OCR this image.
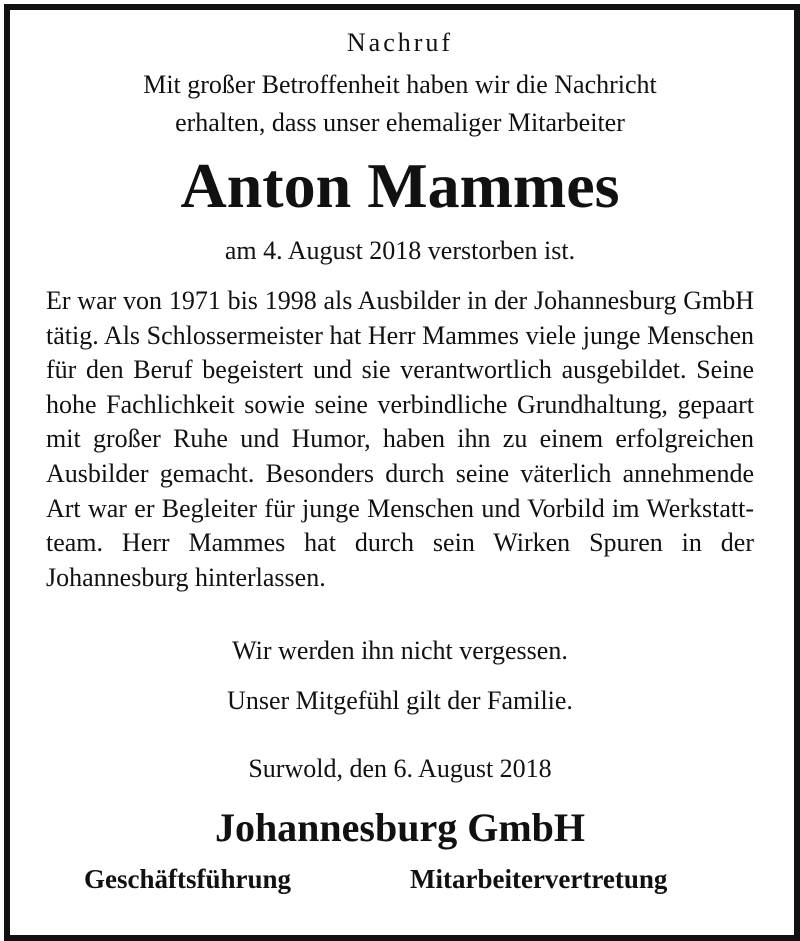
Nachruf
Mit großer Betroffenheit haben wir die Nachricht
erhalten, dass unser ehemaliger Mitarbeiter
Anton Mammes
am 4. August 2018 verstorben ist.
Er war von 1971 bis 1998 als Ausbilder in der Johannesburg GmbH tätig. Als Schlossermeister hat Herr Mammes viele junge Menschen für den Beruf begeistert und sie verantwortlich ausgebildet. Seine hohe Fachlichkeit sowie seine verbindliche Grundhaltung, gepaart mit großer Ruhe und Humor, haben ihn zu einem erfolgreichen Ausbilder gemacht. Besonders durch seine väterlich annehmende Art war er Begleiter für junge Menschen und Vorbild im Werkstattteam. Herr Mammes hat durch sein Wirken Spuren in der Johannesburg hinterlassen.
Wir werden ihn nicht vergessen.
Unser Mitgefühl gilt der Familie.
Surwold, den 6. August 2018
Johannesburg GmbH
Geschäftsführung	Mitarbeitervertretung
